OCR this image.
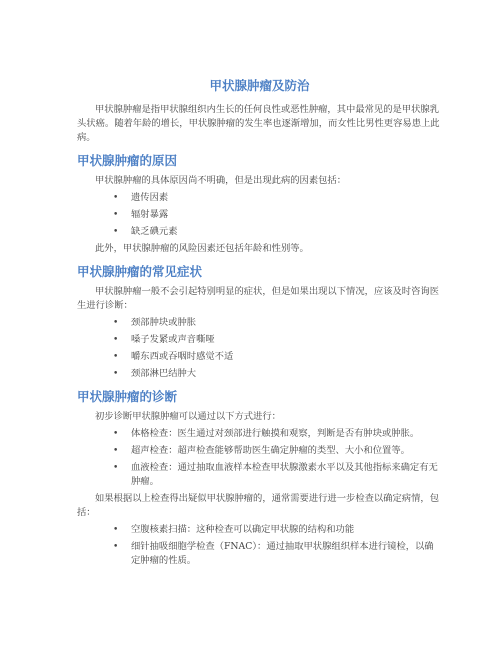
甲状腺肿瘤及防治

甲状腺肿瘤是指甲状腺组织内生长的任何良性或恶性肿瘤，其中最常见的是甲状腺乳头状癌。随着年龄的增长，甲状腺肿瘤的发生率也逐渐增加，而女性比男性更容易患上此病。

甲状腺肿瘤的原因

甲状腺肿瘤的具体原因尚不明确，但是出现此病的因素包括：

• 遗传因素
• 辐射暴露
• 缺乏碘元素

此外，甲状腺肿瘤的风险因素还包括年龄和性别等。

甲状腺肿瘤的常见症状

甲状腺肿瘤一般不会引起特别明显的症状，但是如果出现以下情况，应该及时咨询医生进行诊断：

• 颈部肿块或肿胀
• 嗓子发紧或声音嘶哑
• 嚼东西或吞咽时感觉不适
• 颈部淋巴结肿大
甲状腺肿瘤的诊断

初步诊断甲状腺肿瘤可以通过以下方式进行：

• 体格检查：医生通过对颈部进行触摸和观察，判断是否有肿块或肿胀。
• 超声检查：超声检查能够帮助医生确定肿瘤的类型、大小和位置等。
• 血液检查：通过抽取血液样本检查甲状腺激素水平以及其他指标来确定有无肿瘤。

如果根据以上检查得出疑似甲状腺肿瘤的，通常需要进行进一步检查以确定病情，包括：

• 空腹核素扫描：这种检查可以确定甲状腺的结构和功能
• 细针抽吸细胞学检查（FNAC）：通过抽取甲状腺组织样本进行镜检，以确定肿瘤的性质。
